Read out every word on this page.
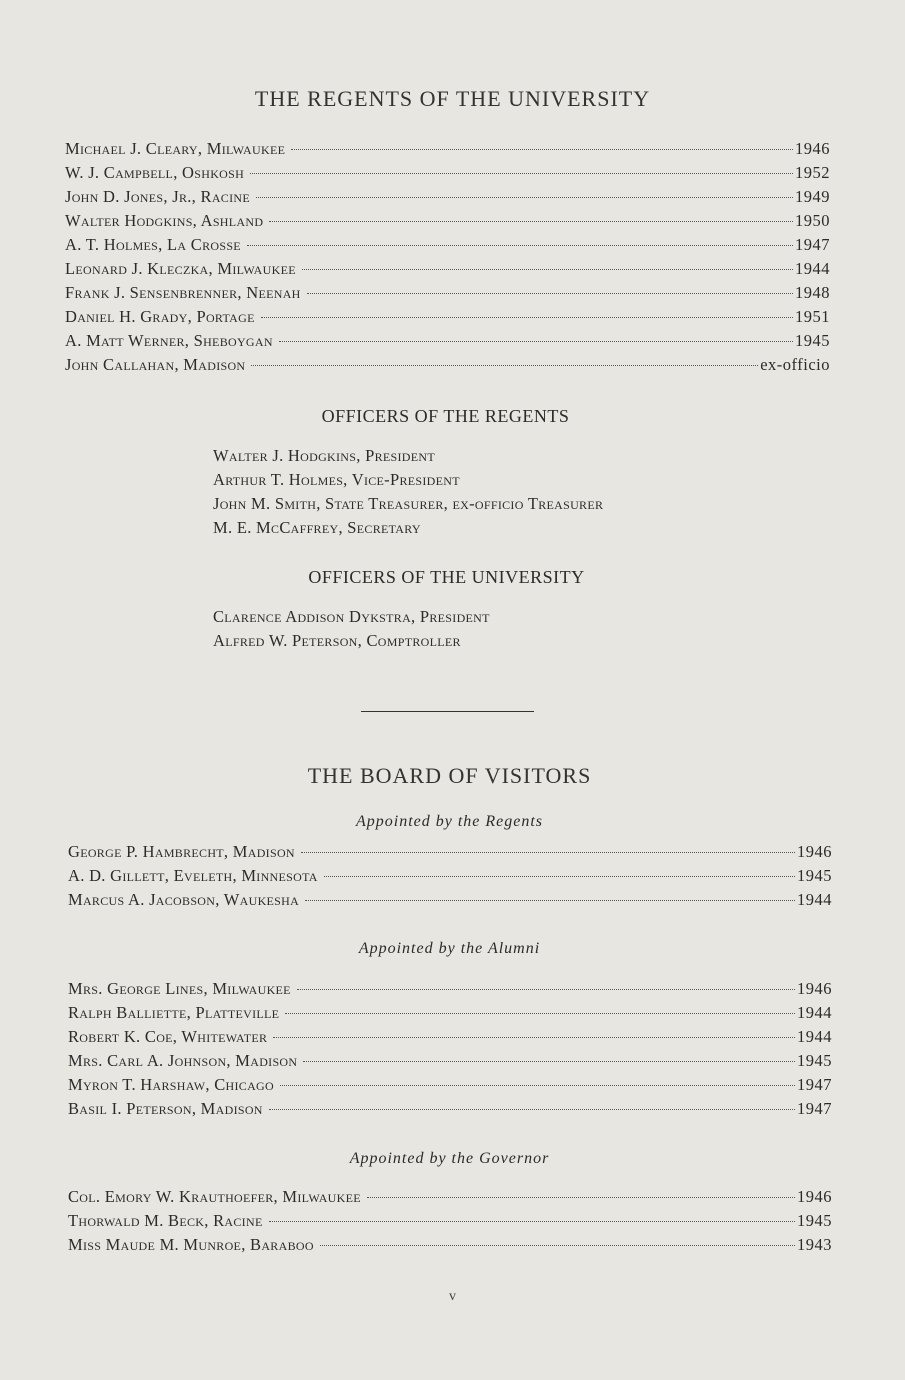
THE REGENTS OF THE UNIVERSITY
Michael J. Cleary, Milwaukee	1946
W. J. Campbell, Oshkosh	1952
John D. Jones, Jr., Racine	1949
Walter Hodgkins, Ashland	1950
A. T. Holmes, La Crosse	1947
Leonard J. Kleczka, Milwaukee	1944
Frank J. Sensenbrenner, Neenah	1948
Daniel H. Grady, Portage	1951
A. Matt Werner, Sheboygan	1945
John Callahan, Madison	ex-officio
OFFICERS OF THE REGENTS
Walter J. Hodgkins, President
Arthur T. Holmes, Vice-President
John M. Smith, State Treasurer, ex-officio Treasurer
M. E. McCaffrey, Secretary
OFFICERS OF THE UNIVERSITY
Clarence Addison Dykstra, President
Alfred W. Peterson, Comptroller
THE BOARD OF VISITORS
Appointed by the Regents
George P. Hambrecht, Madison	1946
A. D. Gillett, Eveleth, Minnesota	1945
Marcus A. Jacobson, Waukesha	1944
Appointed by the Alumni
Mrs. George Lines, Milwaukee	1946
Ralph Balliette, Platteville	1944
Robert K. Coe, Whitewater	1944
Mrs. Carl A. Johnson, Madison	1945
Myron T. Harshaw, Chicago	1947
Basil I. Peterson, Madison	1947
Appointed by the Governor
Col. Emory W. Krauthoefer, Milwaukee	1946
Thorwald M. Beck, Racine	1945
Miss Maude M. Munroe, Baraboo	1943
v
